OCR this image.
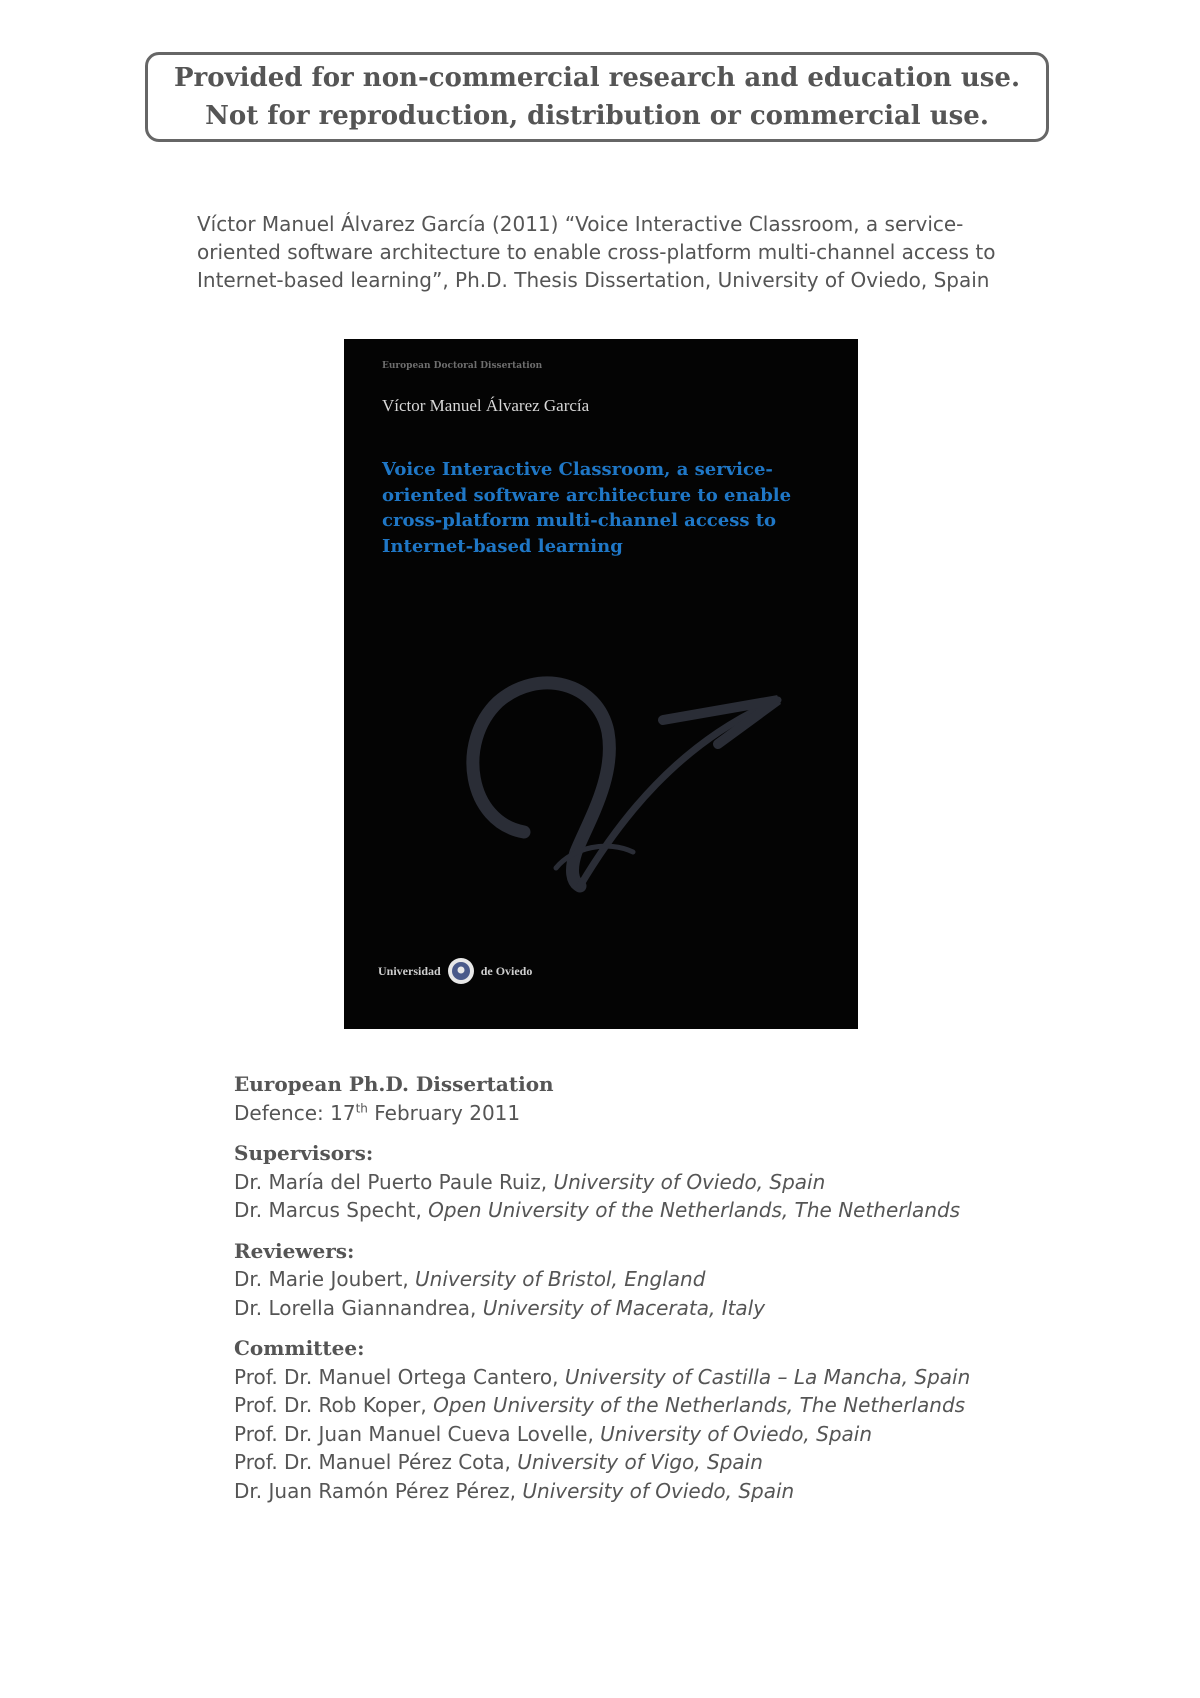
Provided for non-commercial research and education use.
Not for reproduction, distribution or commercial use.
Víctor Manuel Álvarez García (2011) “Voice Interactive Classroom, a service-oriented software architecture to enable cross-platform multi-channel access to Internet-based learning”, Ph.D. Thesis Dissertation, University of Oviedo, Spain
European Doctoral Dissertation
Víctor Manuel Álvarez García
Voice Interactive Classroom, a service-
oriented software architecture to enable
cross-platform multi-channel access to
Internet-based learning
Universidad	de Oviedo
European Ph.D. Dissertation
Defence: 17th February 2011
Supervisors:
Dr. María del Puerto Paule Ruiz, University of Oviedo, Spain
Dr. Marcus Specht, Open University of the Netherlands, The Netherlands
Reviewers:
Dr. Marie Joubert, University of Bristol, England
Dr. Lorella Giannandrea, University of Macerata, Italy
Committee:
Prof. Dr. Manuel Ortega Cantero, University of Castilla – La Mancha, Spain
Prof. Dr. Rob Koper, Open University of the Netherlands, The Netherlands
Prof. Dr. Juan Manuel Cueva Lovelle, University of Oviedo, Spain
Prof. Dr. Manuel Pérez Cota, University of Vigo, Spain
Dr. Juan Ramón Pérez Pérez, University of Oviedo, Spain
